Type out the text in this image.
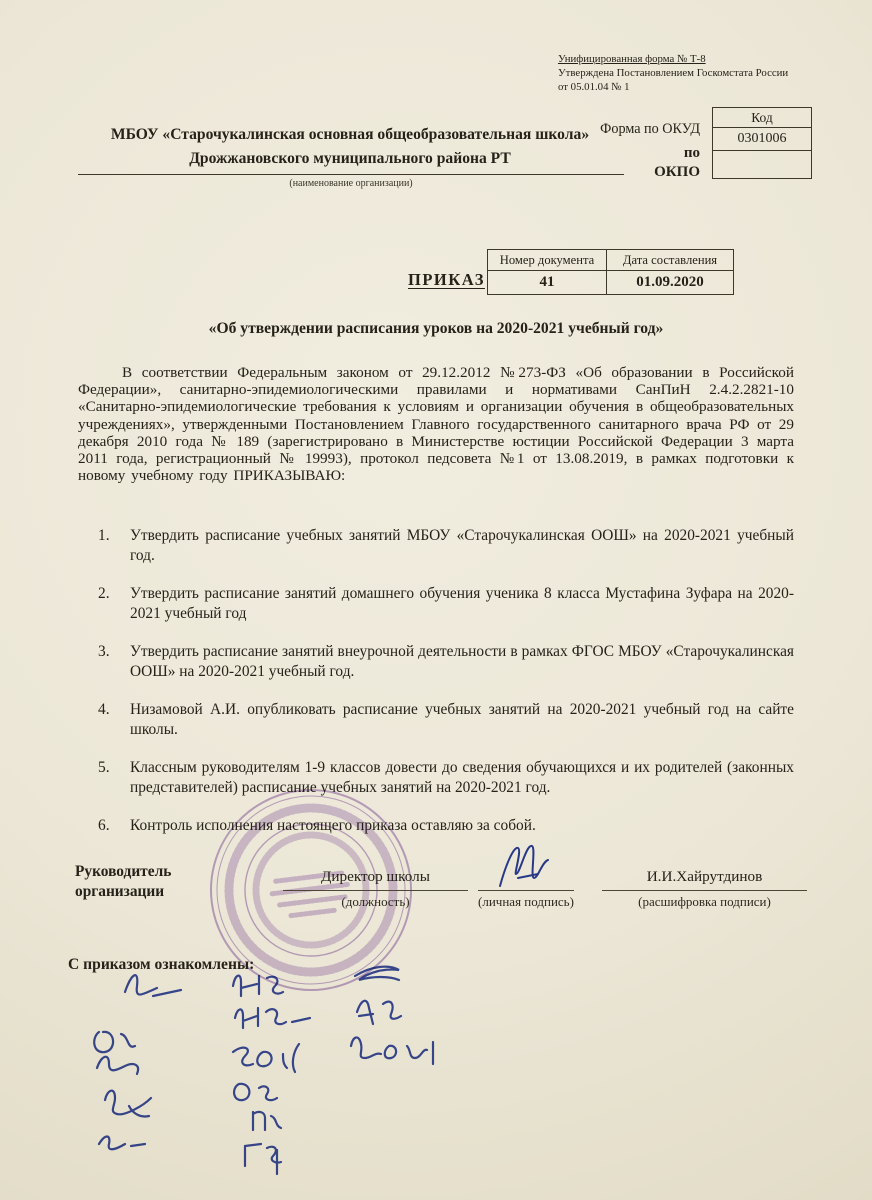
Унифицированная форма № Т-8
Утверждена Постановлением Госкомстата России
от 05.01.04 № 1
Код
0301006
Форма по ОКУД
по
ОКПО
МБОУ «Старочукалинская основная общеобразовательная школа»
Дрожжановского муниципального района РТ
(наименование организации)
ПРИКАЗ
Номер документа	Дата составления
41	01.09.2020
«Об утверждении расписания уроков на 2020-2021 учебный год»
В соответствии Федеральным законом от 29.12.2012 №273-ФЗ «Об образовании в Российской Федерации», санитарно-эпидемиологическими правилами и нормативами СанПиН 2.4.2.2821-10 «Санитарно-эпидемиологические требования к условиям и организации обучения в общеобразовательных учреждениях», утвержденными Постановлением Главного государственного санитарного врача РФ от 29 декабря 2010 года № 189 (зарегистрировано в Министерстве юстиции Российской Федерации 3 марта 2011 года, регистрационный № 19993), протокол педсовета №1 от 13.08.2019, в рамках подготовки к новому учебному году ПРИКАЗЫВАЮ:
1. Утвердить расписание учебных занятий МБОУ «Старочукалинская ООШ» на 2020-2021 учебный год.
2. Утвердить расписание занятий домашнего обучения ученика 8 класса Мустафина Зуфара на 2020-2021 учебный год
3. Утвердить расписание занятий внеурочной деятельности в рамках ФГОС МБОУ «Старочукалинская ООШ» на 2020-2021 учебный год.
4. Низамовой А.И. опубликовать расписание учебных занятий на 2020-2021 учебный год на сайте школы.
5. Классным руководителям 1-9 классов довести до сведения обучающихся и их родителей (законных представителей) расписание учебных занятий на 2020-2021 год.
6. Контроль исполнения настоящего приказа оставляю за собой.
Руководитель
организации
Директор школы
(должность)	(личная подпись)
И.И.Хайрутдинов
(расшифровка подписи)
С приказом ознакомлены:
